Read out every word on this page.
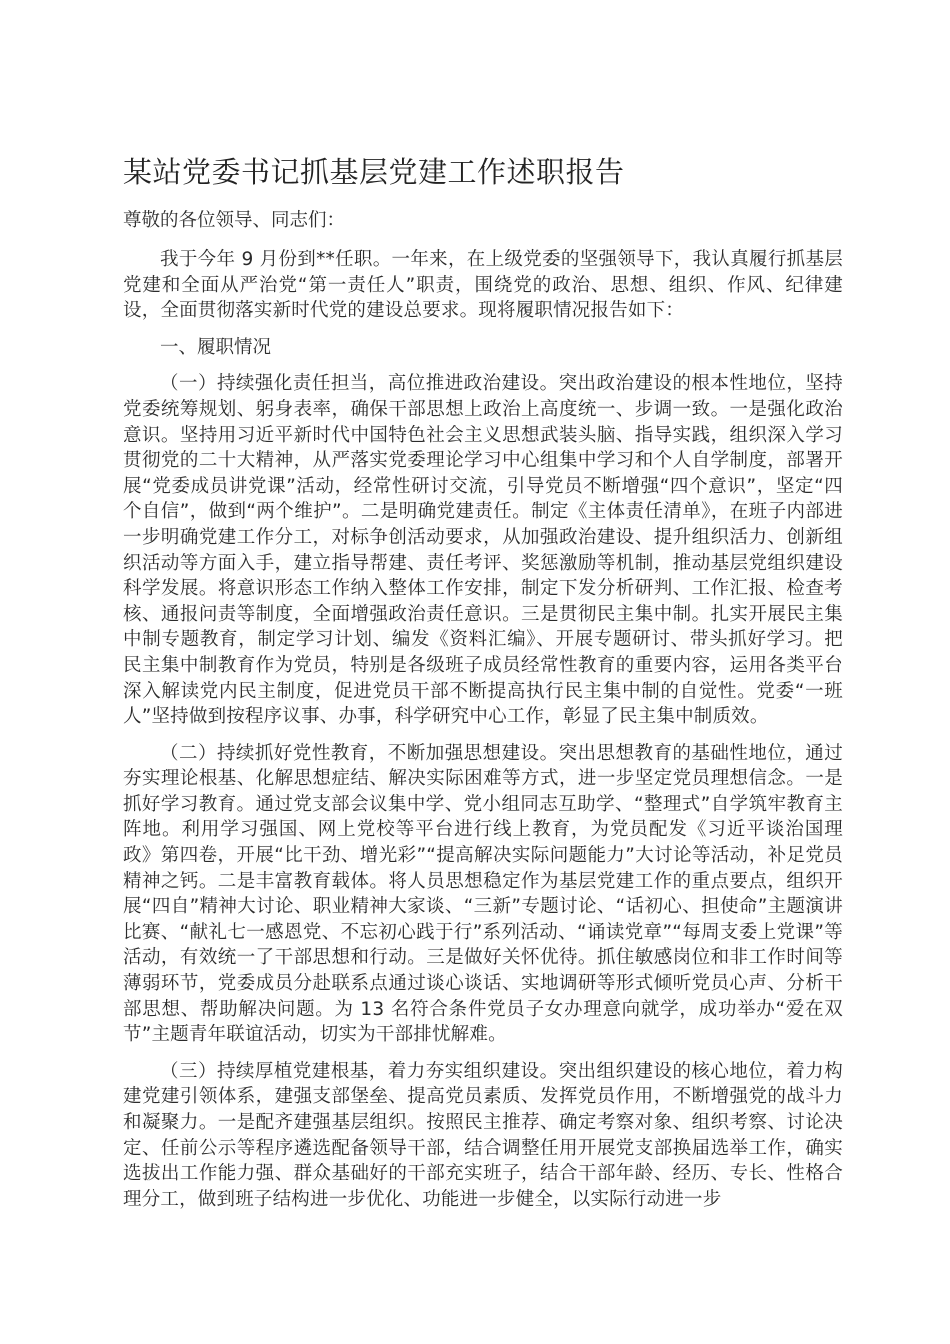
某站党委书记抓基层党建工作述职报告

尊敬的各位领导、同志们：

我于今年 9 月份到**任职。一年来，在上级党委的坚强领导下，我认真履行抓基层党建和全面从严治党“第一责任人”职责，围绕党的政治、思想、组织、作风、纪律建设，全面贯彻落实新时代党的建设总要求。现将履职情况报告如下：

一、履职情况

（一）持续强化责任担当，高位推进政治建设。突出政治建设的根本性地位，坚持党委统筹规划、躬身表率，确保干部思想上政治上高度统一、步调一致。一是强化政治意识。坚持用习近平新时代中国特色社会主义思想武装头脑、指导实践，组织深入学习贯彻党的二十大精神，从严落实党委理论学习中心组集中学习和个人自学制度，部署开展“党委成员讲党课”活动，经常性研讨交流，引导党员不断增强“四个意识”，坚定“四个自信”，做到“两个维护”。二是明确党建责任。制定《主体责任清单》，在班子内部进一步明确党建工作分工，对标争创活动要求，从加强政治建设、提升组织活力、创新组织活动等方面入手，建立指导帮建、责任考评、奖惩激励等机制，推动基层党组织建设科学发展。将意识形态工作纳入整体工作安排，制定下发分析研判、工作汇报、检查考核、通报问责等制度，全面增强政治责任意识。三是贯彻民主集中制。扎实开展民主集中制专题教育，制定学习计划、编发《资料汇编》、开展专题研讨、带头抓好学习。把民主集中制教育作为党员，特别是各级班子成员经常性教育的重要内容，运用各类平台深入解读党内民主制度，促进党员干部不断提高执行民主集中制的自觉性。党委“一班人”坚持做到按程序议事、办事，科学研究中心工作，彰显了民主集中制质效。

（二）持续抓好党性教育，不断加强思想建设。突出思想教育的基础性地位，通过夯实理论根基、化解思想症结、解决实际困难等方式，进一步坚定党员理想信念。一是抓好学习教育。通过党支部会议集中学、党小组同志互助学、“整理式”自学筑牢教育主阵地。利用学习强国、网上党校等平台进行线上教育，为党员配发《习近平谈治国理政》第四卷，开展“比干劲、增光彩”“提高解决实际问题能力”大讨论等活动，补足党员精神之钙。二是丰富教育载体。将人员思想稳定作为基层党建工作的重点要点，组织开展“四自”精神大讨论、职业精神大家谈、“三新”专题讨论、“话初心、担使命”主题演讲比赛、“献礼七一感恩党、不忘初心践于行”系列活动、“诵读党章”“每周支委上党课”等活动，有效统一了干部思想和行动。三是做好关怀优待。抓住敏感岗位和非工作时间等薄弱环节，党委成员分赴联系点通过谈心谈话、实地调研等形式倾听党员心声、分析干部思想、帮助解决问题。为 13 名符合条件党员子女办理意向就学，成功举办“爱在双节”主题青年联谊活动，切实为干部排忧解难。

（三）持续厚植党建根基，着力夯实组织建设。突出组织建设的核心地位，着力构建党建引领体系，建强支部堡垒、提高党员素质、发挥党员作用，不断增强党的战斗力和凝聚力。一是配齐建强基层组织。按照民主推荐、确定考察对象、组织考察、讨论决定、任前公示等程序遴选配备领导干部，结合调整任用开展党支部换届选举工作，确实选拔出工作能力强、群众基础好的干部充实班子，结合干部年龄、经历、专长、性格合理分工，做到班子结构进一步优化、功能进一步健全，以实际行动进一步
